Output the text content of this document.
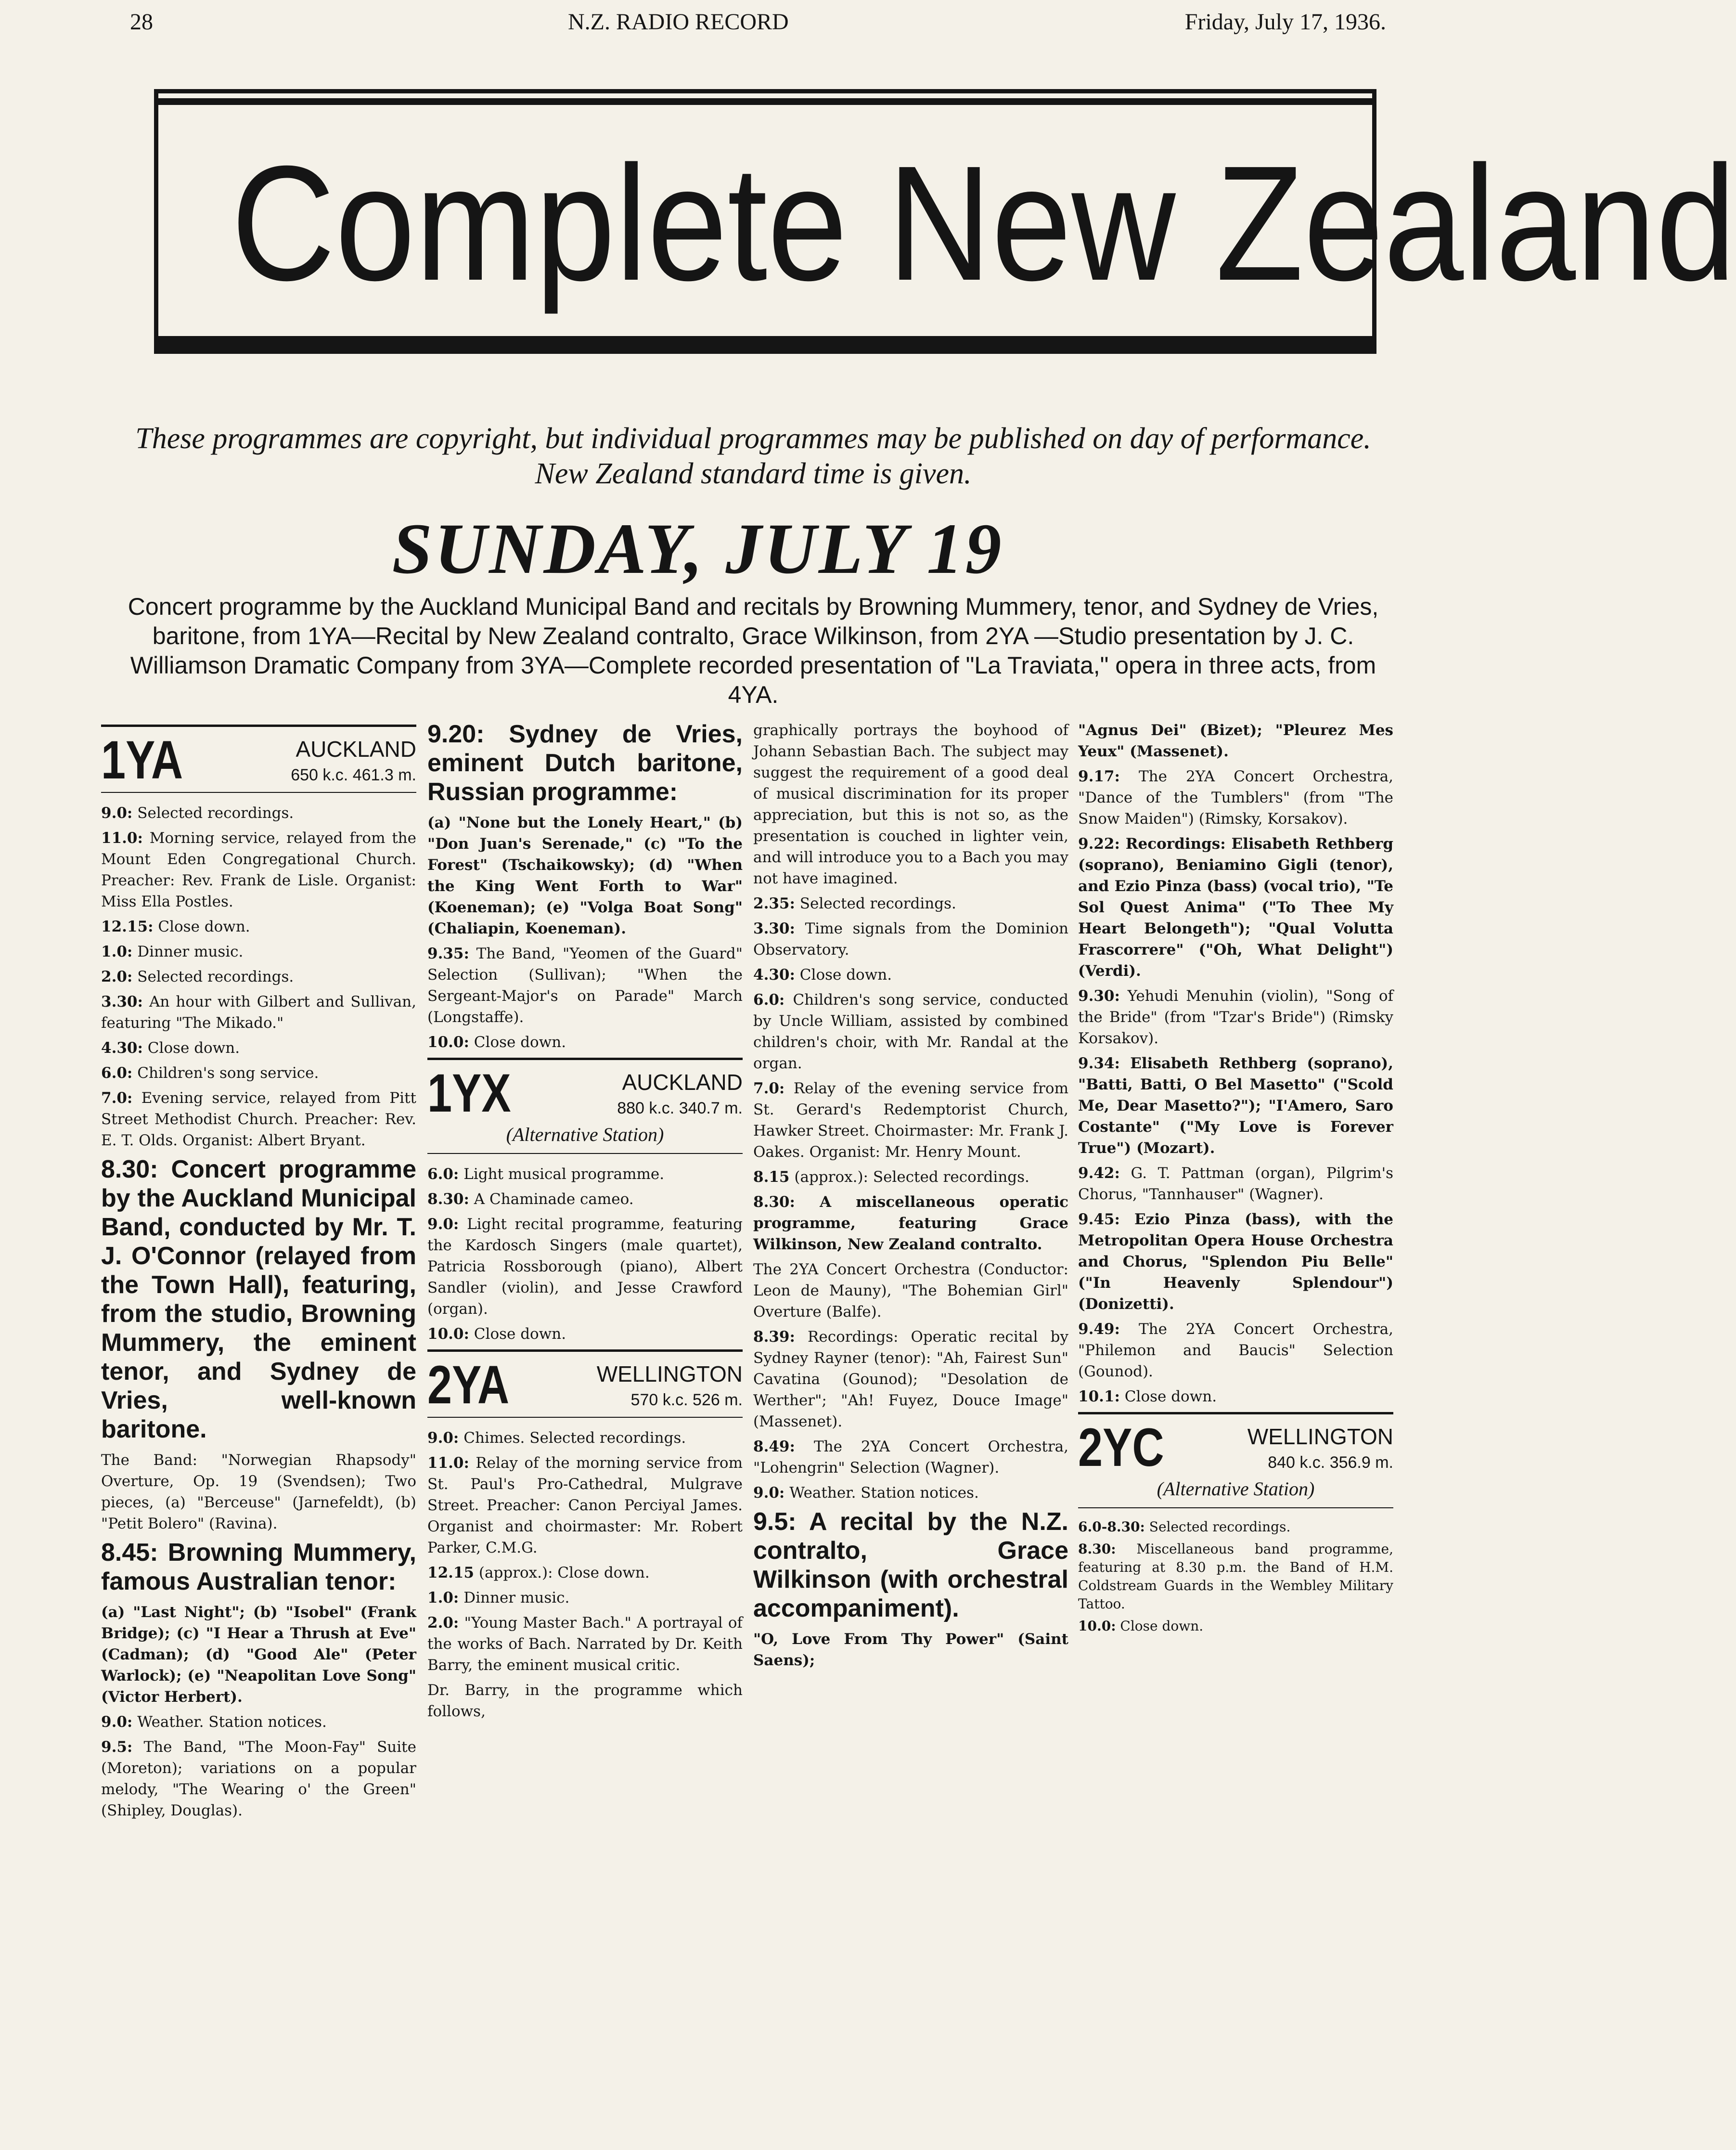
28	N.Z. RADIO RECORD	Friday, July 17, 1936.
Complete New Zealand

These programmes are copyright, but individual programmes may be published on day of performance. New Zealand standard time is given.

SUNDAY, JULY 19

Concert programme by the Auckland Municipal Band and recitals by Browning Mummery, tenor, and Sydney de Vries, baritone, from 1YA—Recital by New Zealand contralto, Grace Wilkinson, from 2YA —Studio presentation by J. C. Williamson Dramatic Company from 3YA—Complete recorded presentation of "La Traviata," opera in three acts, from 4YA.

1YA	AUCKLAND
650 k.c. 461.3 m.
9.0: Selected recordings.
11.0: Morning service, relayed from the Mount Eden Congregational Church. Preacher: Rev. Frank de Lisle. Organist: Miss Ella Postles.
12.15: Close down.
1.0: Dinner music.
2.0: Selected recordings.
3.30: An hour with Gilbert and Sullivan, featuring "The Mikado."
4.30: Close down.
6.0: Children's song service.
7.0: Evening service, relayed from Pitt Street Methodist Church. Preacher: Rev. E. T. Olds. Organist: Albert Bryant.
8.30: Concert programme by the Auckland Municipal Band, conducted by Mr. T. J. O'Connor (relayed from the Town Hall), featuring, from the studio, Browning Mummery, the eminent tenor, and Sydney de Vries, well-known baritone.
The Band: "Norwegian Rhapsody" Overture, Op. 19 (Svendsen); Two pieces, (a) "Berceuse" (Jarnefeldt), (b) "Petit Bolero" (Ravina).
8.45: Browning Mummery, famous Australian tenor:
(a) "Last Night"; (b) "Isobel" (Frank Bridge); (c) "I Hear a Thrush at Eve" (Cadman); (d) "Good Ale" (Peter Warlock); (e) "Neapolitan Love Song" (Victor Herbert).
9.0: Weather. Station notices.
9.5: The Band, "The Moon-Fay" Suite (Moreton); variations on a popular melody, "The Wearing o' the Green" (Shipley, Douglas).
9.20: Sydney de Vries, eminent Dutch baritone, Russian programme:
(a) "None but the Lonely Heart," (b) "Don Juan's Serenade," (c) "To the Forest" (Tschaikowsky); (d) "When the King Went Forth to War" (Koeneman); (e) "Volga Boat Song" (Chaliapin, Koeneman).
9.35: The Band, "Yeomen of the Guard" Selection (Sullivan); "When the Sergeant-Major's on Parade" March (Longstaffe).
10.0: Close down.
1YX	AUCKLAND
880 k.c. 340.7 m.
(Alternative Station)
6.0: Light musical programme.
8.30: A Chaminade cameo.
9.0: Light recital programme, featuring the Kardosch Singers (male quartet), Patricia Rossborough (piano), Albert Sandler (violin), and Jesse Crawford (organ).
10.0: Close down.
2YA	WELLINGTON
570 k.c. 526 m.
9.0: Chimes. Selected recordings.
11.0: Relay of the morning service from St. Paul's Pro-Cathedral, Mulgrave Street. Preacher: Canon Perciyal James. Organist and choirmaster: Mr. Robert Parker, C.M.G.
12.15 (approx.): Close down.
1.0: Dinner music.
2.0: "Young Master Bach." A portrayal of the works of Bach. Narrated by Dr. Keith Barry, the eminent musical critic.
Dr. Barry, in the programme which follows,
graphically portrays the boyhood of Johann Sebastian Bach. The subject may suggest the requirement of a good deal of musical discrimination for its proper appreciation, but this is not so, as the presentation is couched in lighter vein, and will introduce you to a Bach you may not have imagined.
2.35: Selected recordings.
3.30: Time signals from the Dominion Observatory.
4.30: Close down.
6.0: Children's song service, conducted by Uncle William, assisted by combined children's choir, with Mr. Randal at the organ.
7.0: Relay of the evening service from St. Gerard's Redemptorist Church, Hawker Street. Choirmaster: Mr. Frank J. Oakes. Organist: Mr. Henry Mount.
8.15 (approx.): Selected recordings.
8.30: A miscellaneous operatic programme, featuring Grace Wilkinson, New Zealand contralto.
The 2YA Concert Orchestra (Conductor: Leon de Mauny), "The Bohemian Girl" Overture (Balfe).
8.39: Recordings: Operatic recital by Sydney Rayner (tenor): "Ah, Fairest Sun" Cavatina (Gounod); "Desolation de Werther"; "Ah! Fuyez, Douce Image" (Massenet).
8.49: The 2YA Concert Orchestra, "Lohengrin" Selection (Wagner).
9.0: Weather. Station notices.
9.5: A recital by the N.Z. contralto, Grace Wilkinson (with orchestral accompaniment).
"O, Love From Thy Power" (Saint Saens);
"Agnus Dei" (Bizet); "Pleurez Mes Yeux" (Massenet).
9.17: The 2YA Concert Orchestra, "Dance of the Tumblers" (from "The Snow Maiden") (Rimsky, Korsakov).
9.22: Recordings: Elisabeth Rethberg (soprano), Beniamino Gigli (tenor), and Ezio Pinza (bass) (vocal trio), "Te Sol Quest Anima" ("To Thee My Heart Belongeth"); "Qual Volutta Frascorrere" ("Oh, What Delight") (Verdi).
9.30: Yehudi Menuhin (violin), "Song of the Bride" (from "Tzar's Bride") (Rimsky Korsakov).
9.34: Elisabeth Rethberg (soprano), "Batti, Batti, O Bel Masetto" ("Scold Me, Dear Masetto?"); "I'Amero, Saro Costante" ("My Love is Forever True") (Mozart).
9.42: G. T. Pattman (organ), Pilgrim's Chorus, "Tannhauser" (Wagner).
9.45: Ezio Pinza (bass), with the Metropolitan Opera House Orchestra and Chorus, "Splendon Piu Belle" ("In Heavenly Splendour") (Donizetti).
9.49: The 2YA Concert Orchestra, "Philemon and Baucis" Selection (Gounod).
10.1: Close down.
2YC	WELLINGTON
840 k.c. 356.9 m.
(Alternative Station)
6.0-8.30: Selected recordings.
8.30: Miscellaneous band programme, featuring at 8.30 p.m. the Band of H.M. Coldstream Guards in the Wembley Military Tattoo.
10.0: Close down.
